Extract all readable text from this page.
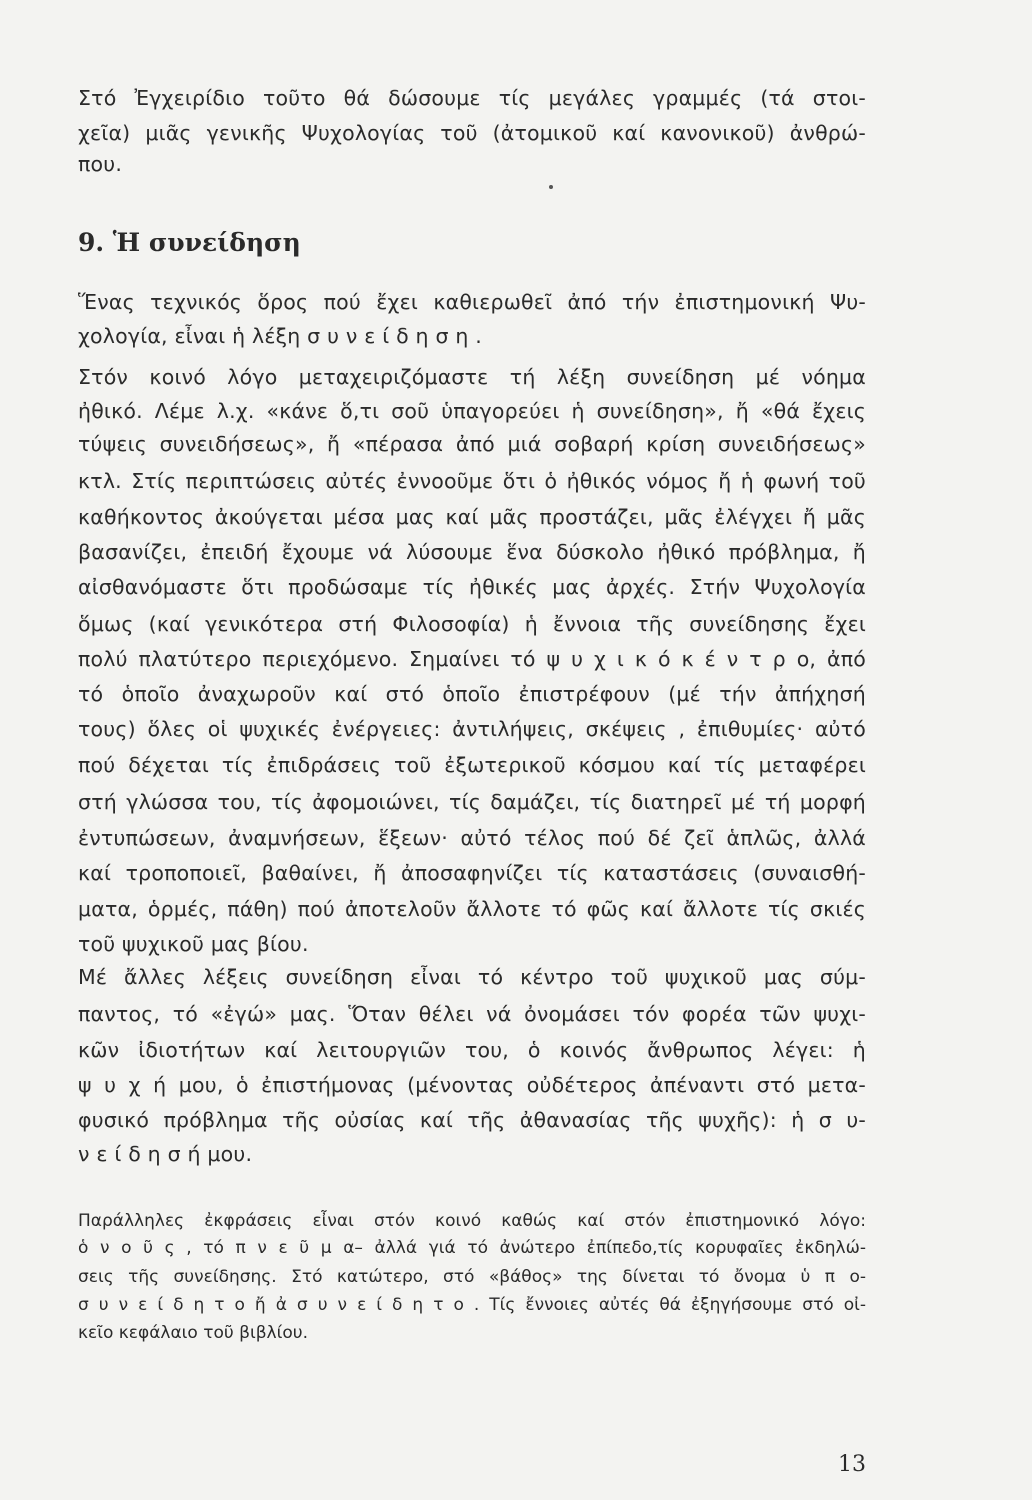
Στό Ἐγχειρίδιο τοῦτο θά δώσουμε τίς μεγάλες γραμμές (τά στοι-
χεῖα) μιᾶς γενικῆς Ψυχολογίας τοῦ (ἀτομικοῦ καί κανονικοῦ) ἀνθρώ-
που.
9. Ἡ συνείδηση
Ἕνας τεχνικός ὅρος πού ἔχει καθιερωθεῖ ἀπό τήν ἐπιστημονική Ψυ-
χολογία, εἶναι ἡ λέξη σ υ ν ε ί δ η σ η .
Στόν κοινό λόγο μεταχειριζόμαστε τή λέξη συνείδηση μέ νόημα
ἠθικό. Λέμε λ.χ. «κάνε ὅ,τι σοῦ ὑπαγορεύει ἡ συνείδηση», ἤ «θά ἔχεις
τύψεις συνειδήσεως», ἤ «πέρασα ἀπό μιά σοβαρή κρίση συνειδήσεως»
κτλ. Στίς περιπτώσεις αὐτές ἐννοοῦμε ὅτι ὁ ἠθικός νόμος ἤ ἡ φωνή τοῦ
καθήκοντος ἀκούγεται μέσα μας καί μᾶς προστάζει, μᾶς ἐλέγχει ἤ μᾶς
βασανίζει, ἐπειδή ἔχουμε νά λύσουμε ἕνα δύσκολο ἠθικό πρόβλημα, ἤ
αἰσθανόμαστε ὅτι προδώσαμε τίς ἠθικές μας ἀρχές. Στήν Ψυχολογία
ὅμως (καί γενικότερα στή Φιλοσοφία) ἡ ἔννοια τῆς συνείδησης ἔχει
πολύ πλατύτερο περιεχόμενο. Σημαίνει τό ψ υ χ ι κ ό κ έ ν τ ρ ο, ἀπό
τό ὁποῖο ἀναχωροῦν καί στό ὁποῖο ἐπιστρέφουν (μέ τήν ἀπήχησή
τους) ὅλες οἱ ψυχικές ἐνέργειες: ἀντιλήψεις, σκέψεις , ἐπιθυμίες· αὐτό
πού δέχεται τίς ἐπιδράσεις τοῦ ἐξωτερικοῦ κόσμου καί τίς μεταφέρει
στή γλώσσα του, τίς ἀφομοιώνει, τίς δαμάζει, τίς διατηρεῖ μέ τή μορφή
ἐντυπώσεων, ἀναμνήσεων, ἕξεων· αὐτό τέλος πού δέ ζεῖ ἁπλῶς, ἀλλά
καί τροποποιεῖ, βαθαίνει, ἤ ἀποσαφηνίζει τίς καταστάσεις (συναισθή-
ματα, ὁρμές, πάθη) πού ἀποτελοῦν ἄλλοτε τό φῶς καί ἄλλοτε τίς σκιές
τοῦ ψυχικοῦ μας βίου.
Μέ ἄλλες λέξεις συνείδηση εἶναι τό κέντρο τοῦ ψυχικοῦ μας σύμ-
παντος, τό «ἐγώ» μας. Ὅταν θέλει νά ὀνομάσει τόν φορέα τῶν ψυχι-
κῶν ἰδιοτήτων καί λειτουργιῶν του, ὁ κοινός ἄνθρωπος λέγει: ἡ
ψ υ χ ή μου, ὁ ἐπιστήμονας (μένοντας οὐδέτερος ἀπέναντι στό μετα-
φυσικό πρόβλημα τῆς οὐσίας καί τῆς ἀθανασίας τῆς ψυχῆς): ἡ σ υ-
ν ε ί δ η σ ή μου.
Παράλληλες ἐκφράσεις εἶναι στόν κοινό καθώς καί στόν ἐπιστημονικό λόγο:
ὁ ν ο ῦ ς , τό π ν ε ῦ μ α– ἀλλά γιά τό ἀνώτερο ἐπίπεδο,τίς κορυφαῖες ἐκδηλώ-
σεις τῆς συνείδησης. Στό κατώτερο, στό «βάθος» της δίνεται τό ὄνομα ὑ π ο-
σ υ ν ε ί δ η τ ο ἤ ἀ σ υ ν ε ί δ η τ ο . Τίς ἔννοιες αὐτές θά ἐξηγήσουμε στό οἰ-
κεῖο κεφάλαιο τοῦ βιβλίου.
13
